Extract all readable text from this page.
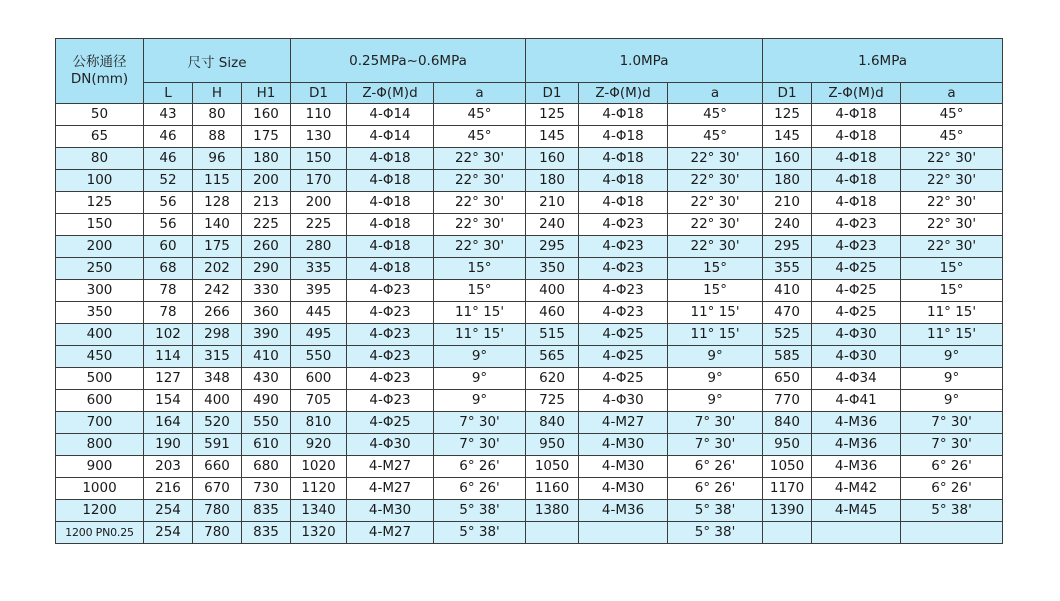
公称通径
DN(mm)	尺寸 Size			0.25MPa~0.6MPa			1.0MPa			1.6MPa		
	L	H	H1	D1	Z-Φ(M)d	a	D1	Z-Φ(M)d	a	D1	Z-Φ(M)d	a
50	43	80	160	110	4-Φ14	45°	125	4-Φ18	45°	125	4-Φ18	45°
65	46	88	175	130	4-Φ14	45°	145	4-Φ18	45°	145	4-Φ18	45°
80	46	96	180	150	4-Φ18	22° 30'	160	4-Φ18	22° 30'	160	4-Φ18	22° 30'
100	52	115	200	170	4-Φ18	22° 30'	180	4-Φ18	22° 30'	180	4-Φ18	22° 30'
125	56	128	213	200	4-Φ18	22° 30'	210	4-Φ18	22° 30'	210	4-Φ18	22° 30'
150	56	140	225	225	4-Φ18	22° 30'	240	4-Φ23	22° 30'	240	4-Φ23	22° 30'
200	60	175	260	280	4-Φ18	22° 30'	295	4-Φ23	22° 30'	295	4-Φ23	22° 30'
250	68	202	290	335	4-Φ18	15°	350	4-Φ23	15°	355	4-Φ25	15°
300	78	242	330	395	4-Φ23	15°	400	4-Φ23	15°	410	4-Φ25	15°
350	78	266	360	445	4-Φ23	11° 15'	460	4-Φ23	11° 15'	470	4-Φ25	11° 15'
400	102	298	390	495	4-Φ23	11° 15'	515	4-Φ25	11° 15'	525	4-Φ30	11° 15'
450	114	315	410	550	4-Φ23	9°	565	4-Φ25	9°	585	4-Φ30	9°
500	127	348	430	600	4-Φ23	9°	620	4-Φ25	9°	650	4-Φ34	9°
600	154	400	490	705	4-Φ23	9°	725	4-Φ30	9°	770	4-Φ41	9°
700	164	520	550	810	4-Φ25	7° 30'	840	4-M27	7° 30'	840	4-M36	7° 30'
800	190	591	610	920	4-Φ30	7° 30'	950	4-M30	7° 30'	950	4-M36	7° 30'
900	203	660	680	1020	4-M27	6° 26'	1050	4-M30	6° 26'	1050	4-M36	6° 26'
1000	216	670	730	1120	4-M27	6° 26'	1160	4-M30	6° 26'	1170	4-M42	6° 26'
1200	254	780	835	1340	4-M30	5° 38'	1380	4-M36	5° 38'	1390	4-M45	5° 38'
1200 PN0.25	254	780	835	1320	4-M27	5° 38'			5° 38'			
